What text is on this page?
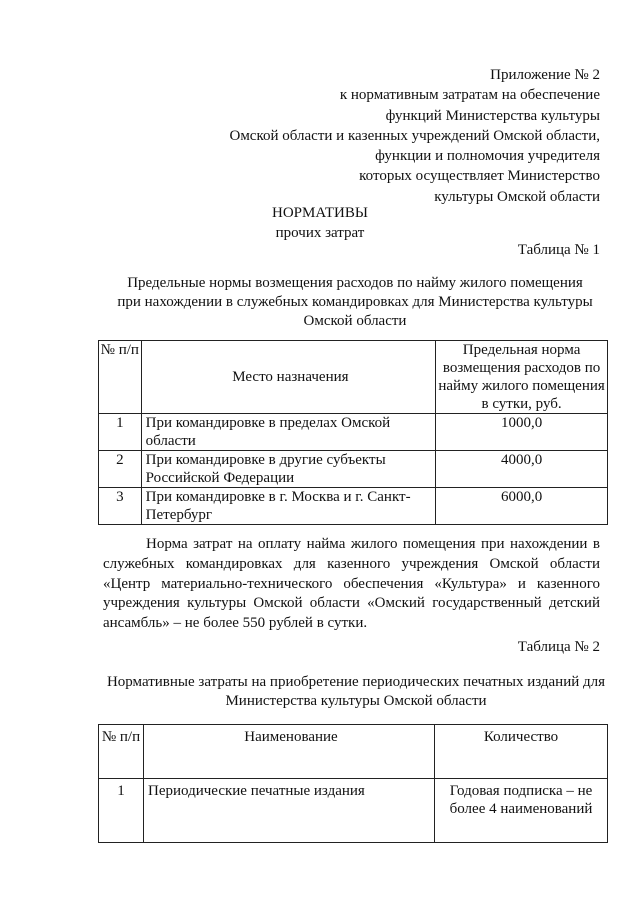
Приложение № 2
к нормативным затратам на обеспечение
функций Министерства культуры
Омской области и казенных учреждений Омской области,
функции и полномочия учредителя
которых осуществляет Министерство
культуры Омской области
НОРМАТИВЫ
прочих затрат
Таблица № 1
Предельные нормы возмещения расходов по найму жилого помещения
при нахождении в служебных командировках для Министерства культуры
Омской области
№ п/п	Место назначения	Предельная норма возмещения расходов по найму жилого помещения в сутки, руб.
1	При командировке в пределах Омской области	1000,0
2	При командировке в другие субъекты Российской Федерации	4000,0
3	При командировке в г. Москва и г. Санкт-Петербург	6000,0
Норма затрат на оплату найма жилого помещения при нахождении в служебных командировках для казенного учреждения Омской области «Центр материально-технического обеспечения «Культура» и казенного учреждения культуры Омской области «Омский государственный детский ансамбль» – не более 550 рублей в сутки.
Таблица № 2
Нормативные затраты на приобретение периодических печатных изданий для
Министерства культуры Омской области
№ п/п	Наименование	Количество
1	Периодические печатные издания	Годовая подписка – не более 4 наименований
